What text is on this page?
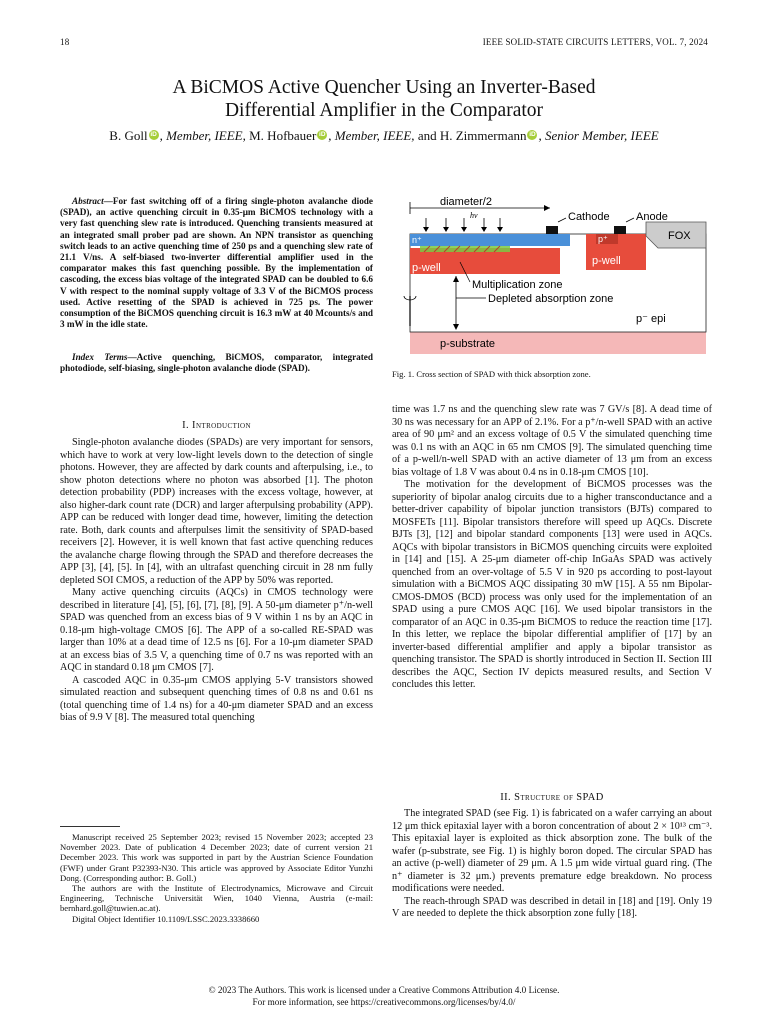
18	IEEE SOLID-STATE CIRCUITS LETTERS, VOL. 7, 2024
A BiCMOS Active Quencher Using an Inverter-Based
Differential Amplifier in the Comparator
B. Goll iD , Member, IEEE, M. Hofbauer iD , Member, IEEE, and H. Zimmermann iD , Senior Member, IEEE
Abstract—For fast switching off of a firing single-photon avalanche diode (SPAD), an active quenching circuit in 0.35-μm BiCMOS technology with a very fast quenching slew rate is introduced. Quenching transients measured at an integrated small prober pad are shown. An NPN transistor as quenching switch leads to an active quenching time of 250 ps and a quenching slew rate of 21.1 V/ns. A self-biased two-inverter differential amplifier used in the comparator makes this fast quenching possible. By the implementation of cascoding, the excess bias voltage of the integrated SPAD can be doubled to 6.6 V with respect to the nominal supply voltage of 3.3 V of the BiCMOS process used. Active resetting of the SPAD is achieved in 725 ps. The power consumption of the BiCMOS quenching circuit is 16.3 mW at 40 Mcounts/s and 3 mW in the idle state.
Index Terms—Active quenching, BiCMOS, comparator, integrated photodiode, self-biasing, single-photon avalanche diode (SPAD).
diameter/2
Cathode Anode
FOX
n⁺	p⁺
p-well
p-well
Multiplication zone
Depleted absorption zone
p⁻ epi
p-substrate
hν
Fig. 1. Cross section of SPAD with thick absorption zone.
I. Introduction

Single-photon avalanche diodes (SPADs) are very important for sensors, which have to work at very low-light levels down to the detection of single photons. However, they are affected by dark counts and afterpulsing, i.e., to show photon detections where no photon was absorbed [1]. The photon detection probability (PDP) increases with the excess voltage, however, at also higher-dark count rate (DCR) and larger afterpulsing probability (APP). APP can be reduced with longer dead time, however, limiting the detection rate. Both, dark counts and afterpulses limit the sensitivity of SPAD-based receivers [2]. However, it is well known that fast active quenching reduces the avalanche charge flowing through the SPAD and therefore decreases the APP [3], [4], [5]. In [4], with an ultrafast quenching circuit in 28 nm fully depleted SOI CMOS, a reduction of the APP by 50% was reported.

Many active quenching circuits (AQCs) in CMOS technology were described in literature [4], [5], [6], [7], [8], [9]. A 50-μm diameter p⁺/n-well SPAD was quenched from an excess bias of 9 V within 1 ns by an AQC in 0.18-μm high-voltage CMOS [6]. The APP of a so-called RE-SPAD was larger than 10% at a dead time of 12.5 ns [6]. For a 10-μm diameter SPAD at an excess bias of 3.5 V, a quenching time of 0.7 ns was reported with an AQC in standard 0.18 μm CMOS [7].

A cascoded AQC in 0.35-μm CMOS applying 5-V transistors showed simulated reaction and subsequent quenching times of 0.8 ns and 0.61 ns (total quenching time of 1.4 ns) for a 40-μm diameter SPAD and an excess bias of 9.9 V [8]. The measured total quenching

Manuscript received 25 September 2023; revised 15 November 2023; accepted 23 November 2023. Date of publication 4 December 2023; date of current version 21 December 2023. This work was supported in part by the Austrian Science Foundation (FWF) under Grant P32393-N30. This article was approved by Associate Editor Yunzhi Dong. (Corresponding author: B. Goll.)

The authors are with the Institute of Electrodynamics, Microwave and Circuit Engineering, Technische Universität Wien, 1040 Vienna, Austria (e-mail: bernhard.goll@tuwien.ac.at).

Digital Object Identifier 10.1109/LSSC.2023.3338660

time was 1.7 ns and the quenching slew rate was 7 GV/s [8]. A dead time of 30 ns was necessary for an APP of 2.1%. For a p⁺/n-well SPAD with an active area of 90 μm² and an excess voltage of 0.5 V the simulated quenching time was 0.1 ns with an AQC in 65 nm CMOS [9]. The simulated quenching time of a p-well/n-well SPAD with an active diameter of 13 μm from an excess bias voltage of 1.8 V was about 0.4 ns in 0.18-μm CMOS [10].

The motivation for the development of BiCMOS processes was the superiority of bipolar analog circuits due to a higher transconductance and a better-driver capability of bipolar junction transistors (BJTs) compared to MOSFETs [11]. Bipolar transistors therefore will speed up AQCs. Discrete BJTs [3], [12] and bipolar standard components [13] were used in AQCs. AQCs with bipolar transistors in BiCMOS quenching circuits were exploited in [14] and [15]. A 25-μm diameter off-chip InGaAs SPAD was actively quenched from an over-voltage of 5.5 V in 920 ps according to post-layout simulation with a BiCMOS AQC dissipating 30 mW [15]. A 55 nm Bipolar-CMOS-DMOS (BCD) process was only used for the implementation of an SPAD using a pure CMOS AQC [16]. We used bipolar transistors in the comparator of an AQC in 0.35-μm BiCMOS to reduce the reaction time [17]. In this letter, we replace the bipolar differential amplifier of [17] by an inverter-based differential amplifier and apply a bipolar transistor as quenching transistor. The SPAD is shortly introduced in Section II. Section III describes the AQC, Section IV depicts measured results, and Section V concludes this letter.

II. Structure of SPAD

The integrated SPAD (see Fig. 1) is fabricated on a wafer carrying an about 12 μm thick epitaxial layer with a boron concentration of about 2 × 10¹³ cm⁻³. This epitaxial layer is exploited as thick absorption zone. The bulk of the wafer (p-substrate, see Fig. 1) is highly boron doped. The circular SPAD has an active (p-well) diameter of 29 μm. A 1.5 μm wide virtual guard ring. (The n⁺ diameter is 32 μm.) prevents premature edge breakdown. No process modifications were needed.

The reach-through SPAD was described in detail in [18] and [19]. Only 19 V are needed to deplete the thick absorption zone fully [18].

© 2023 The Authors. This work is licensed under a Creative Commons Attribution 4.0 License.
For more information, see https://creativecommons.org/licenses/by/4.0/
